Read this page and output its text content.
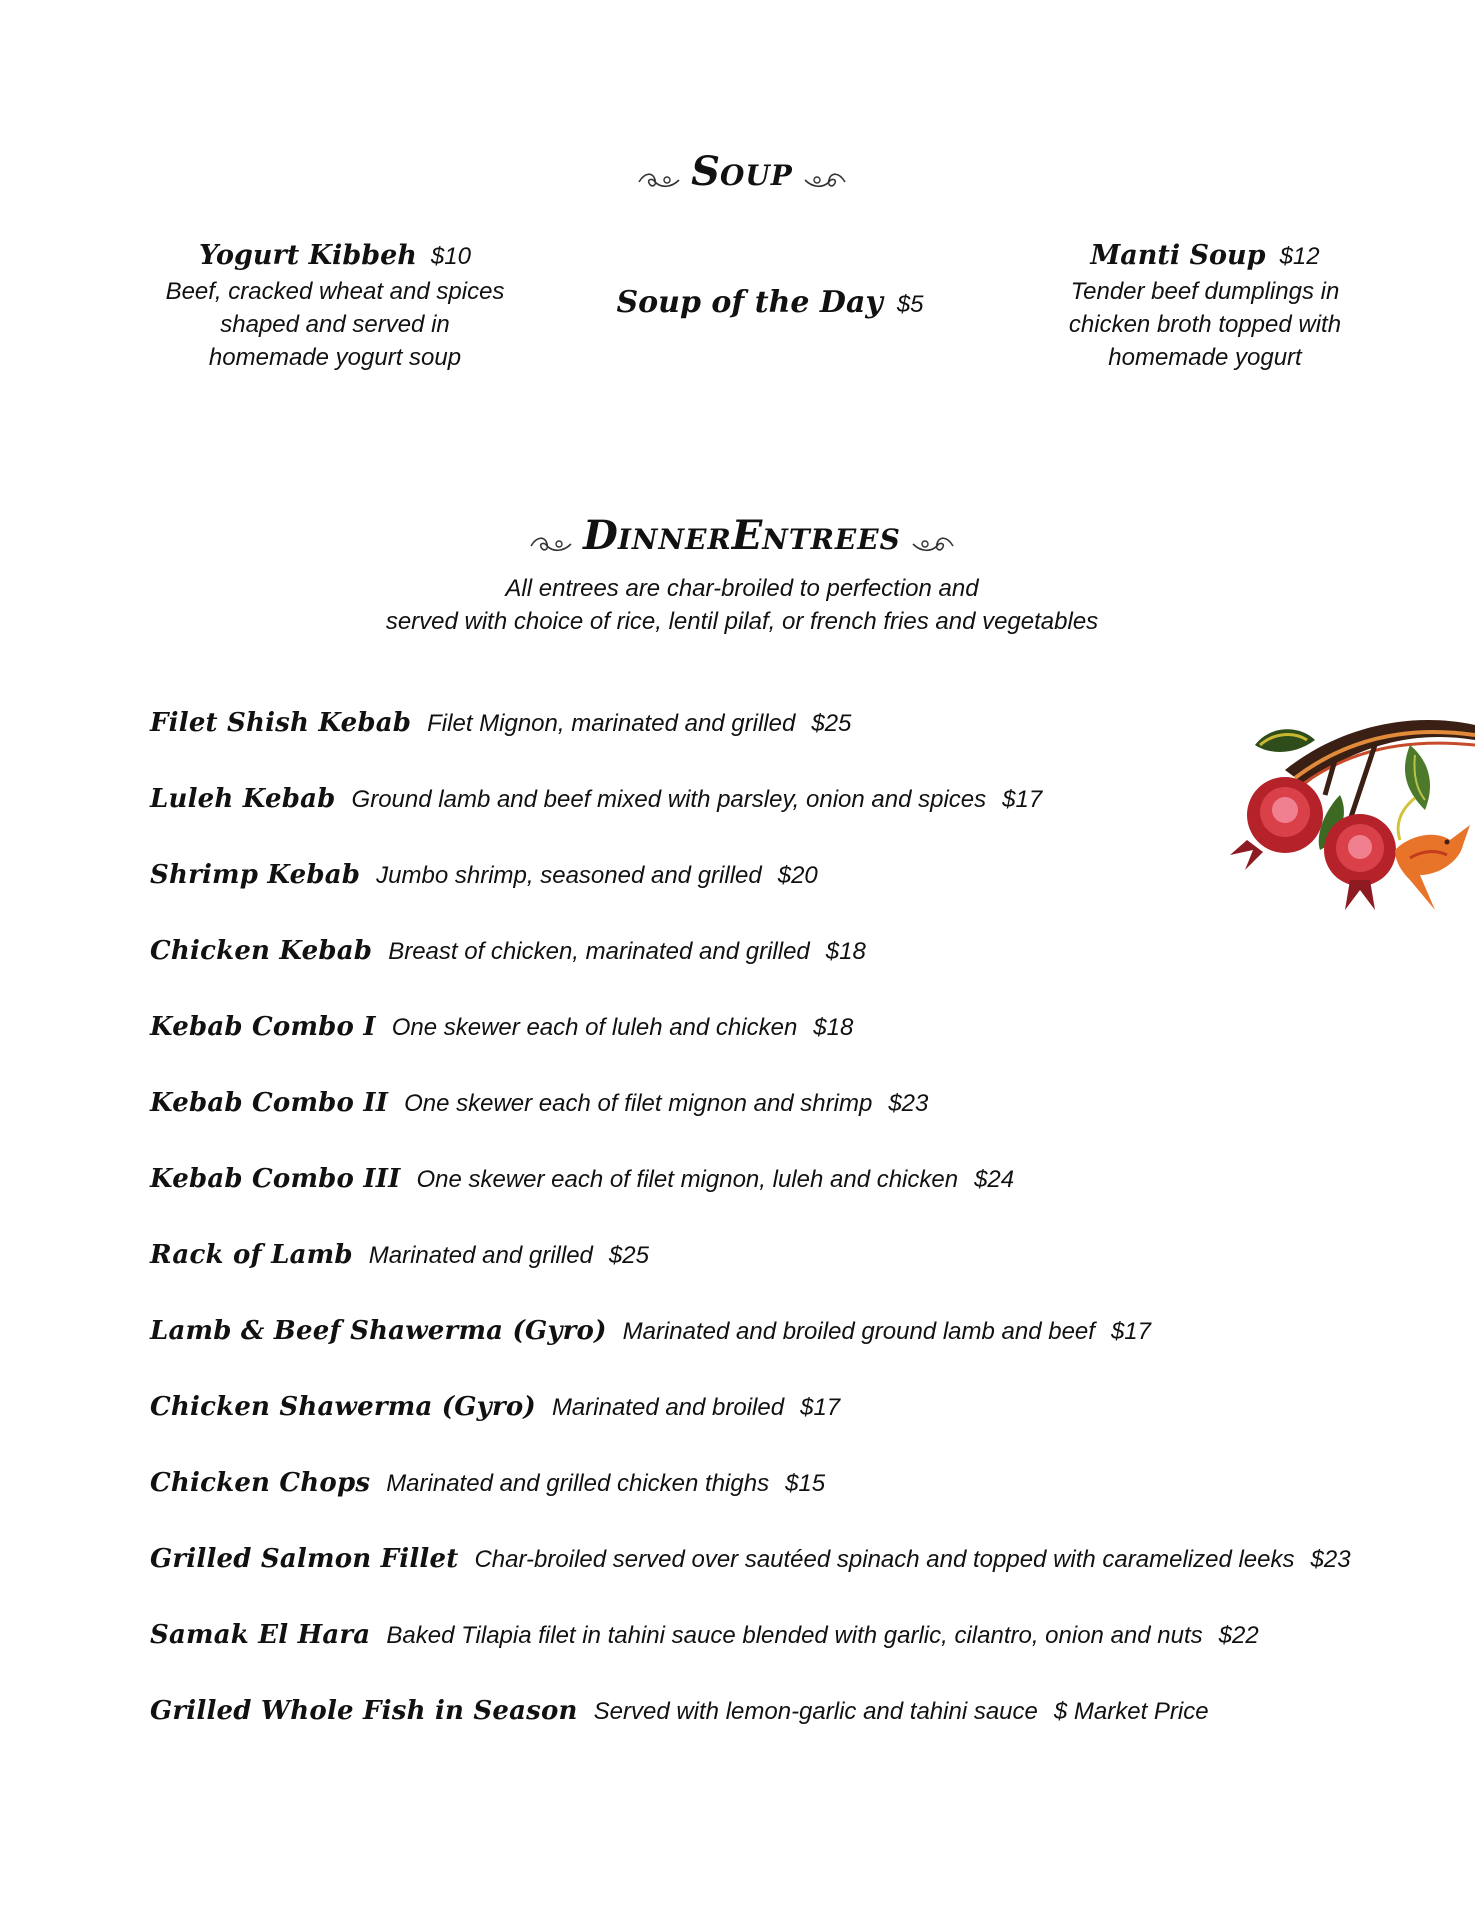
SOUP
Yogurt Kibbeh $10
Beef, cracked wheat and spices
shaped and served in
homemade yogurt soup
Soup of the Day $5
Manti Soup $12
Tender beef dumplings in
chicken broth topped with
homemade yogurt
DINNERENTREES
All entrees are char-broiled to perfection and
served with choice of rice, lentil pilaf, or french fries and vegetables
Filet Shish Kebab Filet Mignon, marinated and grilled $25
Luleh Kebab Ground lamb and beef mixed with parsley, onion and spices $17
Shrimp Kebab Jumbo shrimp, seasoned and grilled $20
Chicken Kebab Breast of chicken, marinated and grilled $18
Kebab Combo I One skewer each of luleh and chicken $18
Kebab Combo II One skewer each of filet mignon and shrimp $23
Kebab Combo III One skewer each of filet mignon, luleh and chicken $24
Rack of Lamb Marinated and grilled $25
Lamb & Beef Shawerma (Gyro) Marinated and broiled ground lamb and beef $17
Chicken Shawerma (Gyro) Marinated and broiled $17
Chicken Chops Marinated and grilled chicken thighs $15
Grilled Salmon Fillet Char-broiled served over sautéed spinach and topped with caramelized leeks $23
Samak El Hara Baked Tilapia filet in tahini sauce blended with garlic, cilantro, onion and nuts $22
Grilled Whole Fish in Season Served with lemon-garlic and tahini sauce $ Market Price
